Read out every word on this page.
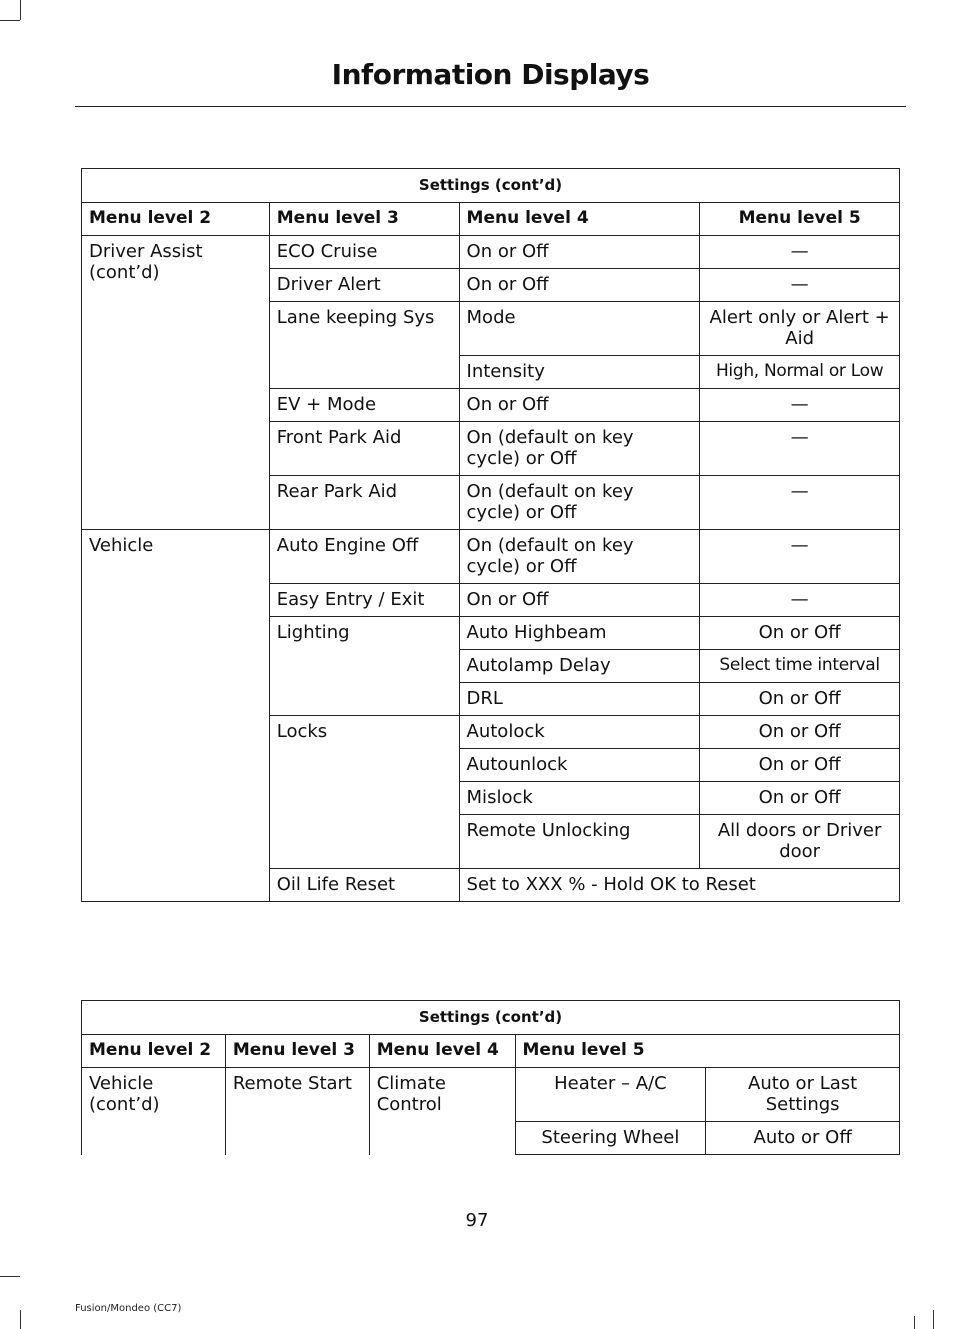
Information Displays
Settings (cont’d)			
Menu level 2	Menu level 3	Menu level 4	Menu level 5
Driver Assist (cont’d)	ECO Cruise	On or Off	—
	Driver Alert	On or Off	—
	Lane keeping Sys	Mode	Alert only or Alert + Aid
		Intensity	High, Normal or Low
	EV + Mode	On or Off	—
	Front Park Aid	On (default on key cycle) or Off	—
	Rear Park Aid	On (default on key cycle) or Off	—
Vehicle	Auto Engine Off	On (default on key cycle) or Off	—
	Easy Entry / Exit	On or Off	—
	Lighting	Auto Highbeam	On or Off
		Autolamp Delay	Select time interval
		DRL	On or Off
	Locks	Autolock	On or Off
		Autounlock	On or Off
		Mislock	On or Off
		Remote Unlocking	All doors or Driver door
	Oil Life Reset	Set to XXX % - Hold OK to Reset	
Settings (cont’d)				
Menu level 2	Menu level 3	Menu level 4	Menu level 5	
Vehicle (cont’d)	Remote Start	Climate Control	Heater – A/C	Auto or Last Settings
			Steering Wheel	Auto or Off
97
Fusion/Mondeo (CC7)
